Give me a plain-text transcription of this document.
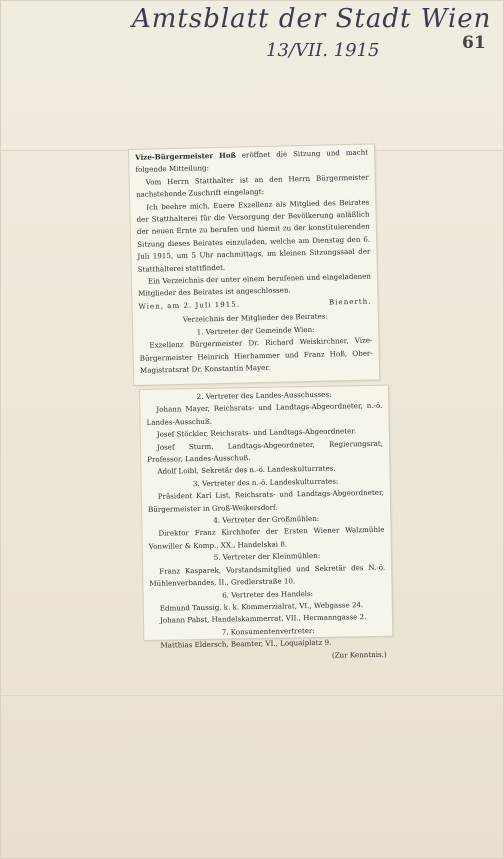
Amtsblatt der Stadt Wien
13/VII. 1915	61

Vize-Bürgermeister Hoß eröffnet die Sitzung und macht folgende Mitteilung:

Vom Herrn Statthalter ist an den Herrn Bürgermeister nachstehende Zuschrift eingelangt:

Ich beehre mich, Euere Exzellenz als Mitglied des Beirates der Statthalterei für die Versorgung der Bevölkerung anläßlich der neuen Ernte zu berufen und hiemit zu der konstituierenden Sitzung dieses Beirates einzuladen, welche am Dienstag den 6. Juli 1915, um 5 Uhr nachmittags, im kleinen Sitzungssaal der Statthalterei stattfindet.

Ein Verzeichnis der unter einem berufenen und eingeladenen Mitglieder des Beirates ist angeschlossen.

Wien, am 2. Juli 1915.	Bienerth.

Verzeichnis der Mitglieder des Beirates:

1. Vertreter der Gemeinde Wien:

Exzellenz Bürgermeister Dr. Richard Weiskirchner, Vize-Bürgermeister Heinrich Hierhammer und Franz Hoß, Ober-Magistratsrat Dr. Konstantin Mayer.

2. Vertreter des Landes-Ausschusses:

Johann Mayer, Reichsrats- und Landtags-Abgeordneter, n.-ö. Landes-Ausschuß.

Josef Stöckler, Reichsrats- und Landtags-Abgeordneter.

Josef Sturm, Landtags-Abgeordneter, Regierungsrat, Professor, Landes-Ausschuß.

Adolf Loibl, Sekretär des n.-ö. Landeskulturrates.

3. Vertreter des n.-ö. Landeskulturrates:

Präsident Karl List, Reichsrats- und Landtags-Abgeordneter, Bürgermeister in Groß-Weikersdorf.

4. Vertreter der Großmühlen:

Direktor Franz Kirchhofer der Ersten Wiener Walzmühle Vonwiller & Komp., XX., Handelskai 8.

5. Vertreter der Kleinmühlen:

Franz Kasparek, Vorstandsmitglied und Sekretär des N.-ö. Mühlenverbandes, II., Gredlerstraße 10.

6. Vertreter des Handels:

Edmund Taussig, k. k. Kommerzialrat, VI., Webgasse 24.

Johann Pabst, Handelskammerrat, VII., Hermanngasse 2.

7. Konsumentenvertreter:

Matthias Eldersch, Beamter, VI., Loquaiplatz 9.

(Zur Kenntnis.)
